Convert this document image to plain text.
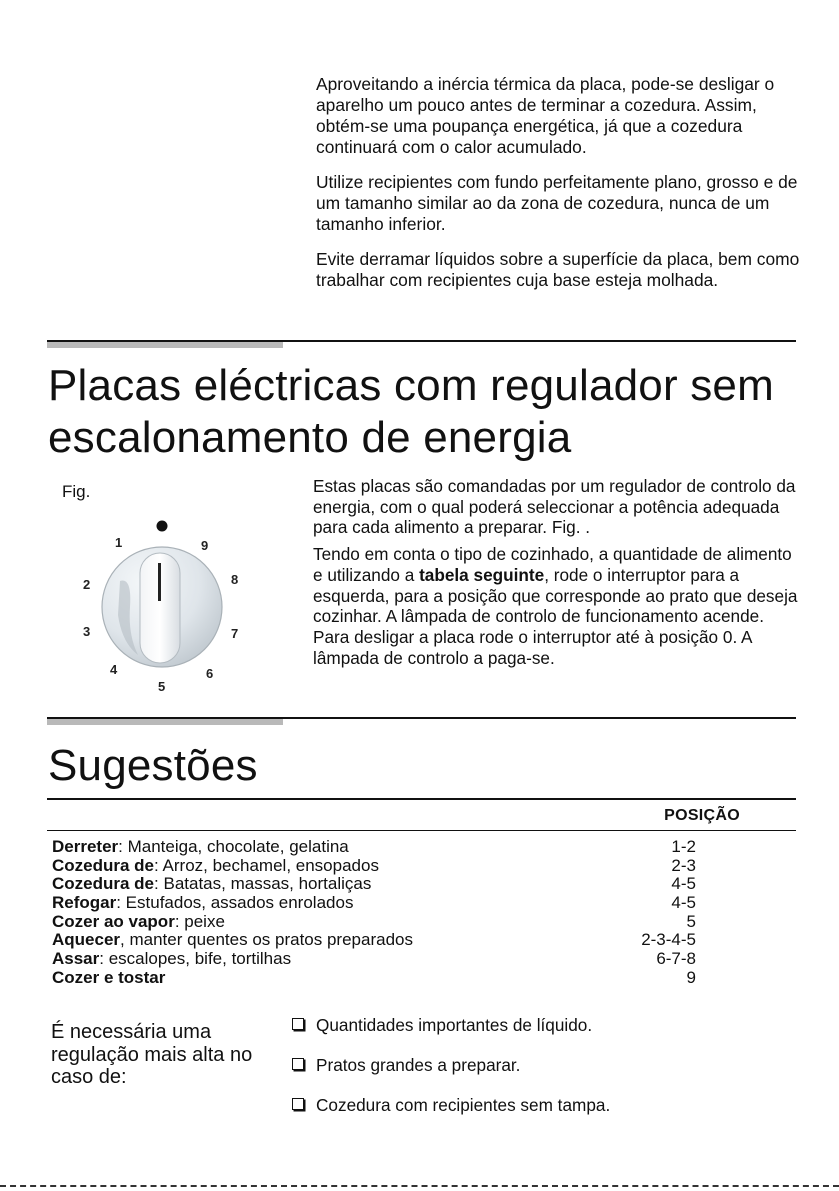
Aproveitando a inércia térmica da placa, pode-se desligar o aparelho um pouco antes de terminar a cozedura. Assim, obtém-se uma poupança energética, já que a cozedura continuará com o calor acumulado.

Utilize recipientes com fundo perfeitamente plano, grosso e de um tamanho similar ao da zona de cozedura, nunca de um tamanho inferior.

Evite derramar líquidos sobre a superfície da placa, bem como trabalhar com recipientes cuja base esteja molhada.

Placas eléctricas com regulador sem escalonamento de energia
Fig.
1
2
3
4
5
6
7
8
9

Estas placas são comandadas por um regulador de controlo da energia, com o qual poderá seleccionar a potência adequada para cada alimento a preparar. Fig. .

Tendo em conta o tipo de cozinhado, a quantidade de alimento e utilizando a tabela seguinte, rode o interruptor para a esquerda, para a posição que corresponde ao prato que deseja cozinhar. A lâmpada de controlo de funcionamento acende. Para desligar a placa rode o interruptor até à posição 0. A lâmpada de controlo a paga-se.

Sugestões
POSIÇÃO
Derreter: Manteiga, chocolate, gelatina	1-2
Cozedura de: Arroz, bechamel, ensopados	2-3
Cozedura de: Batatas, massas, hortaliças	4-5
Refogar: Estufados, assados enrolados	4-5
Cozer ao vapor: peixe	5
Aquecer, manter quentes os pratos preparados	2-3-4-5
Assar: escalopes, bife, tortilhas	6-7-8
Cozer e tostar	9
É necessária uma regulação mais alta no caso de:
Quantidades importantes de líquido.
Pratos grandes a preparar.
Cozedura com recipientes sem tampa.
